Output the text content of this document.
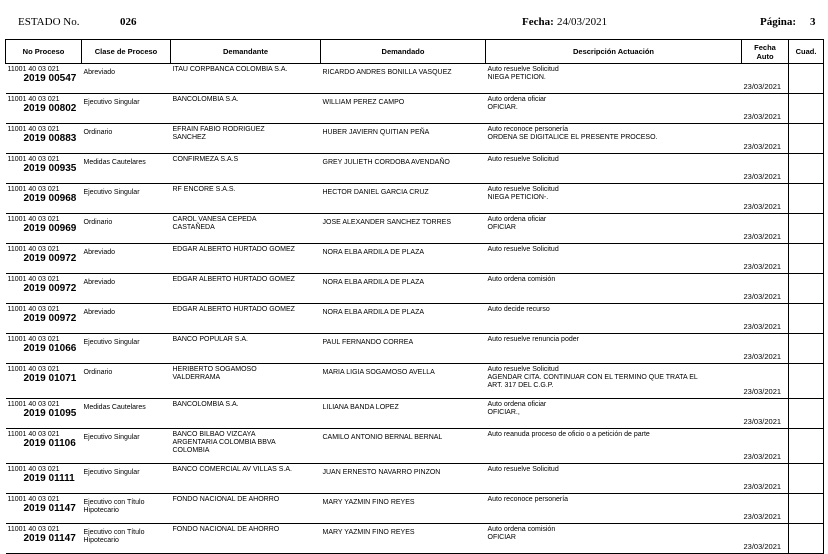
ESTADO No.	026	Fecha: 24/03/2021	Página: 3
No Proceso	Clase de Proceso	Demandante	Demandado	Descripción Actuación	Fecha
Auto	Cuad.

11001 40 03 021
2019 00547	Abreviado	ITAU CORPBANCA COLOMBIA S.A.	RICARDO ANDRES BONILLA VASQUEZ	Auto resuelve Solicitud
NIEGA PETICION.	23/03/2021	

11001 40 03 021
2019 00802	Ejecutivo Singular	BANCOLOMBIA S.A.	WILLIAM PEREZ CAMPO	Auto ordena oficiar
OFICIAR.	23/03/2021	

11001 40 03 021
2019 00883	Ordinario	EFRAIN FABIO RODRIGUEZ
SANCHEZ	HUBER JAVIERN QUITIAN PEÑA	Auto reconoce personería
ORDENA SE DIGITALICE EL PRESENTE PROCESO.	23/03/2021	

11001 40 03 021
2019 00935	Medidas Cautelares	CONFIRMEZA S.A.S	GREY JULIETH CORDOBA AVENDAÑO	Auto resuelve Solicitud	23/03/2021	

11001 40 03 021
2019 00968	Ejecutivo Singular	RF ENCORE S.A.S.	HECTOR DANIEL GARCIA CRUZ	Auto resuelve Solicitud
NIEGA PETICION-.	23/03/2021	

11001 40 03 021
2019 00969	Ordinario	CAROL VANESA CEPEDA
CASTAÑEDA	JOSE ALEXANDER SANCHEZ TORRES	Auto ordena oficiar
OFICIAR	23/03/2021	

11001 40 03 021
2019 00972	Abreviado	EDGAR ALBERTO HURTADO GOMEZ	NORA ELBA ARDILA DE PLAZA	Auto resuelve Solicitud	23/03/2021	

11001 40 03 021
2019 00972	Abreviado	EDGAR ALBERTO HURTADO GOMEZ	NORA ELBA ARDILA DE PLAZA	Auto ordena comisión	23/03/2021	

11001 40 03 021
2019 00972	Abreviado	EDGAR ALBERTO HURTADO GOMEZ	NORA ELBA ARDILA DE PLAZA	Auto decide recurso	23/03/2021	

11001 40 03 021
2019 01066	Ejecutivo Singular	BANCO POPULAR S.A.	PAUL FERNANDO CORREA	Auto resuelve renuncia poder	23/03/2021	

11001 40 03 021
2019 01071	Ordinario	HERIBERTO SOGAMOSO
VALDERRAMA	MARIA LIGIA SOGAMOSO AVELLA	Auto resuelve Solicitud
AGENDAR CITA. CONTINUAR CON EL TERMINO QUE TRATA EL
ART. 317 DEL C.G.P.	23/03/2021	

11001 40 03 021
2019 01095	Medidas Cautelares	BANCOLOMBIA S.A.	LILIANA BANDA LOPEZ	Auto ordena oficiar
OFICIAR.,	23/03/2021	

11001 40 03 021
2019 01106	Ejecutivo Singular	BANCO BILBAO VIZCAYA
ARGENTARIA COLOMBIA BBVA
COLOMBIA	CAMILO ANTONIO BERNAL BERNAL	Auto reanuda proceso de oficio o a petición de parte	23/03/2021	

11001 40 03 021
2019 01111	Ejecutivo Singular	BANCO COMERCIAL AV VILLAS S.A.	JUAN ERNESTO NAVARRO PINZON	Auto resuelve Solicitud	23/03/2021	

11001 40 03 021
2019 01147	Ejecutivo con Título
Hipotecario	FONDO NACIONAL DE AHORRO	MARY YAZMIN FINO REYES	Auto reconoce personería	23/03/2021	

11001 40 03 021
2019 01147	Ejecutivo con Título
Hipotecario	FONDO NACIONAL DE AHORRO	MARY YAZMIN FINO REYES	Auto ordena comisión
OFICIAR	23/03/2021	
